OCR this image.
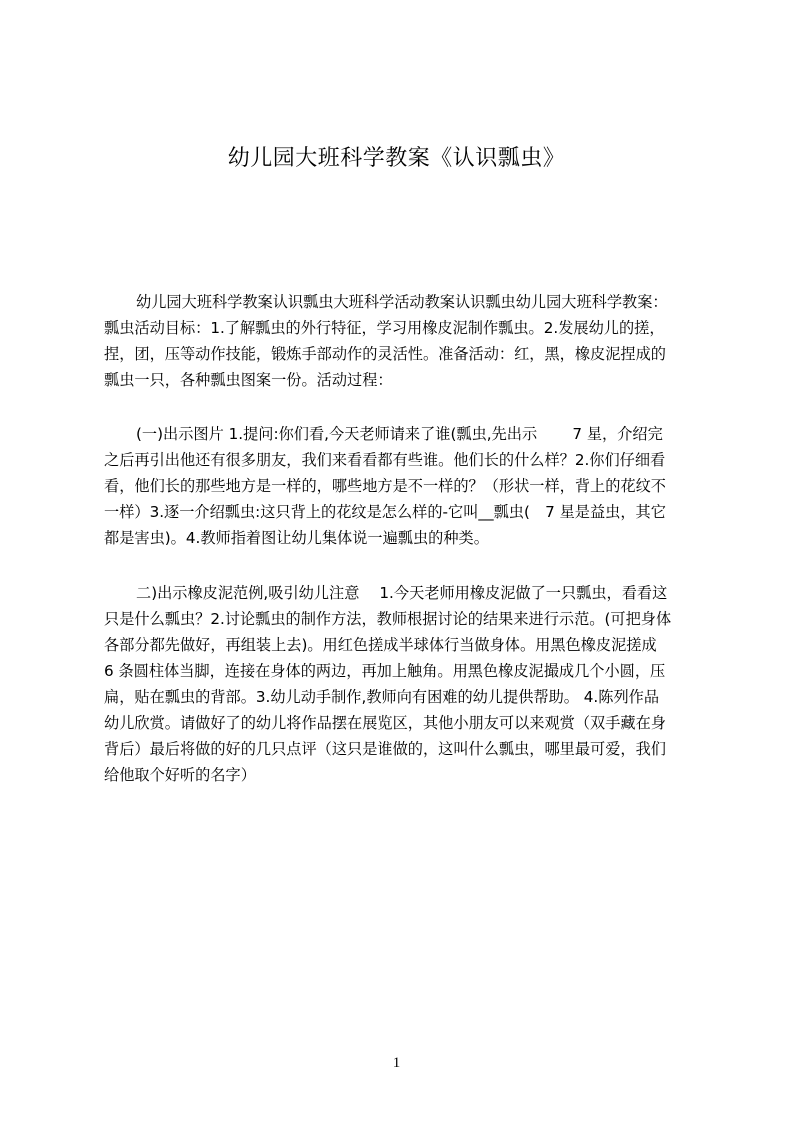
幼儿园大班科学教案《认识瓢虫》
幼儿园大班科学教案认识瓢虫大班科学活动教案认识瓢虫幼儿园大班科学教案：
瓢虫活动目标：1.了解瓢虫的外行特征，学习用橡皮泥制作瓢虫。2.发展幼儿的搓，
捏，团，压等动作技能，锻炼手部动作的灵活性。准备活动：红，黑，橡皮泥捏成的
瓢虫一只，各种瓢虫图案一份。活动过程：
(一)出示图片 1.提问:你们看,今天老师请来了谁(瓢虫,先出示　　 7 星，介绍完
之后再引出他还有很多朋友，我们来看看都有些谁。他们长的什么样？2.你们仔细看
看，他们长的那些地方是一样的，哪些地方是不一样的？（形状一样，背上的花纹不
一样）3.逐一介绍瓢虫:这只背上的花纹是怎么样的-它叫__瓢虫(　7 星是益虫，其它
都是害虫)。4.教师指着图让幼儿集体说一遍瓢虫的种类。
二)出示橡皮泥范例,吸引幼儿注意　 1.今天老师用橡皮泥做了一只瓢虫，看看这
只是什么瓢虫？2.讨论瓢虫的制作方法，教师根据讨论的结果来进行示范。(可把身体
各部分都先做好，再组装上去)。用红色搓成半球体行当做身体。用黑色橡皮泥搓成
6 条圆柱体当脚，连接在身体的两边，再加上触角。用黑色橡皮泥撮成几个小圆，压
扁，贴在瓢虫的背部。3.幼儿动手制作,教师向有困难的幼儿提供帮助。 4.陈列作品
幼儿欣赏。请做好了的幼儿将作品摆在展览区，其他小朋友可以来观赏（双手藏在身
背后）最后将做的好的几只点评（这只是谁做的，这叫什么瓢虫，哪里最可爱，我们
给他取个好听的名字）
1
